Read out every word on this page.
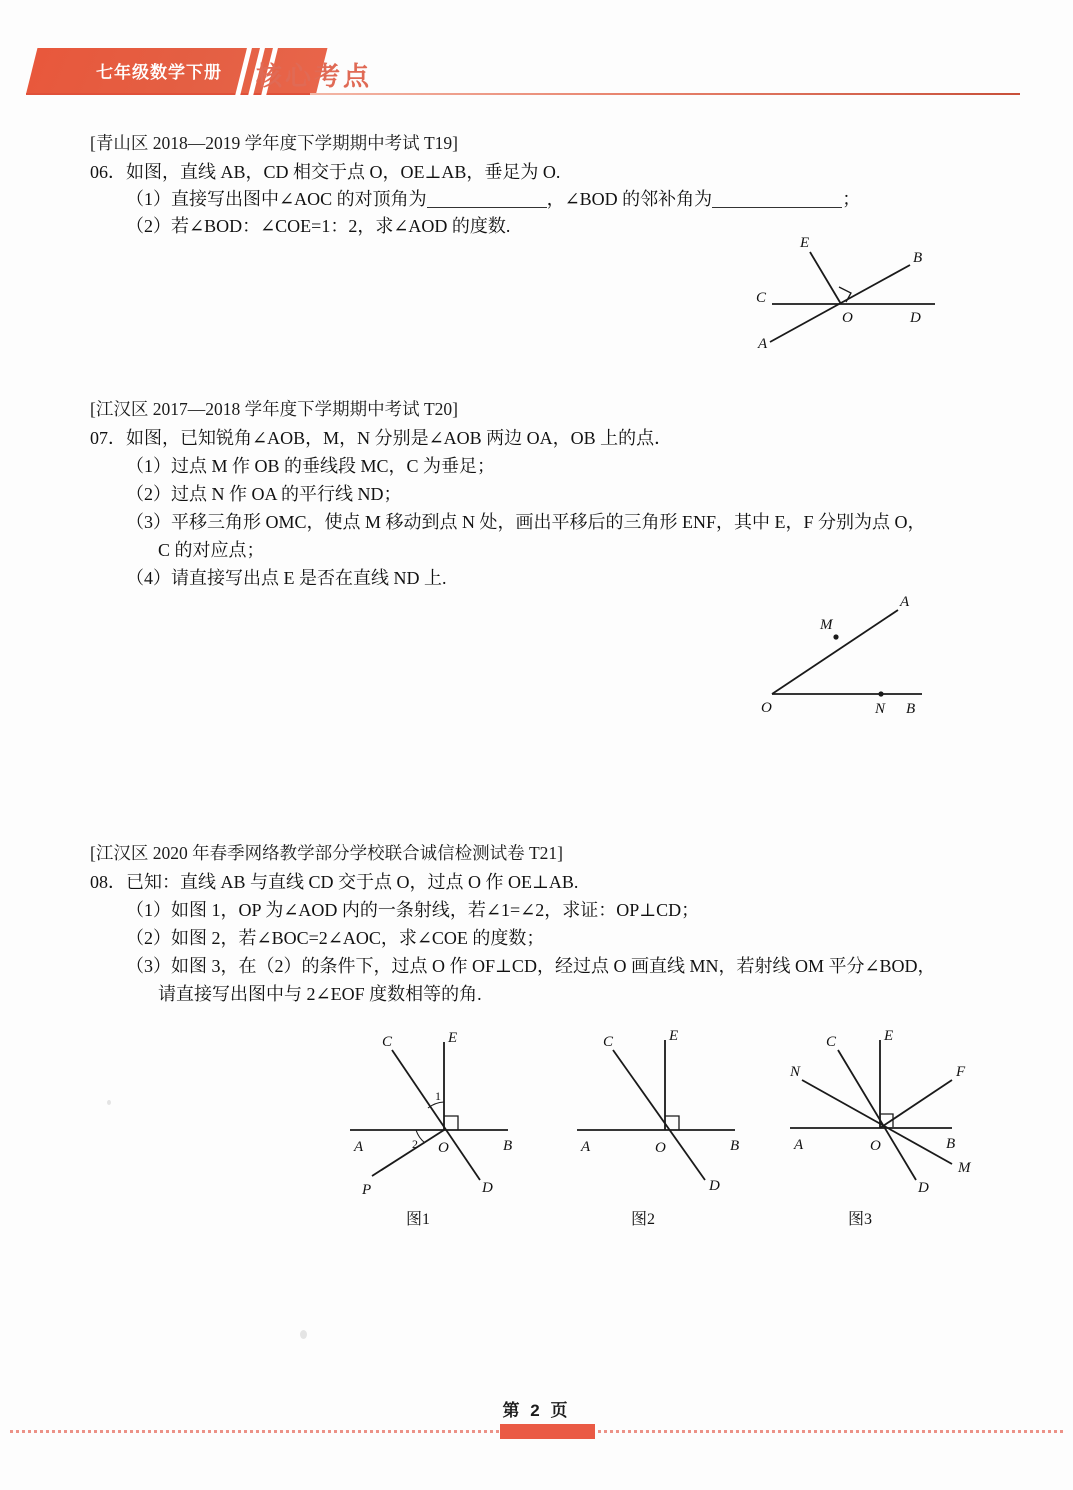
七年级数学下册 核心考点
[青山区 2018—2019 学年度下学期期中考试 T19]
06．如图，直线 AB，CD 相交于点 O，OE⊥AB，垂足为 O.
（1）直接写出图中∠AOC 的对顶角为	，∠BOD 的邻补角为	；
（2）若∠BOD：∠COE=1：2，求∠AOD 的度数.
E
B
C
O	D
A
[江汉区 2017—2018 学年度下学期期中考试 T20]
07．如图，已知锐角∠AOB，M，N 分别是∠AOB 两边 OA，OB 上的点．
（1）过点 M 作 OB 的垂线段 MC，C 为垂足；
（2）过点 N 作 OA 的平行线 ND；
（3）平移三角形 OMC，使点 M 移动到点 N 处，画出平移后的三角形 ENF，其中 E，F 分别为点 O，
C 的对应点；
（4）请直接写出点 E 是否在直线 ND 上.
A
M
O	N B
[江汉区 2020 年春季网络教学部分学校联合诚信检测试卷 T21]
08．已知：直线 AB 与直线 CD 交于点 O，过点 O 作 OE⊥AB.
（1）如图 1，OP 为∠AOD 内的一条射线，若∠1=∠2，求证：OP⊥CD；
（2）如图 2，若∠BOC=2∠AOC，求∠COE 的度数；
（3）如图 3，在（2）的条件下，过点 O 作 OF⊥CD，经过点 O 画直线 MN，若射线 OM 平分∠BOD，
请直接写出图中与 2∠EOF 度数相等的角.
1
2
C	E
A	O	B
P	D
图1
C	E
A	O	B
D
图2
C	E
N	F
A	O	B
M
D
图3
第 2 页
